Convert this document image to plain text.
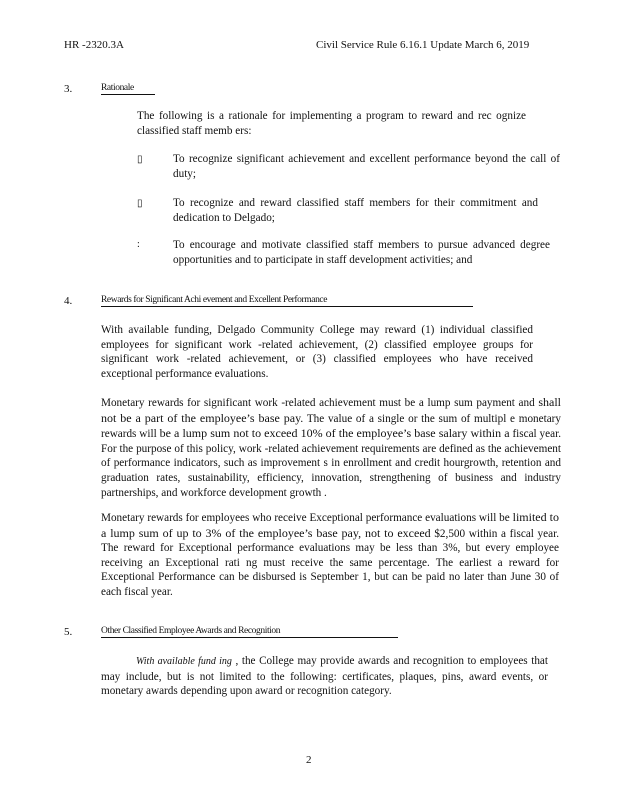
HR -2320.3A	Civil Service Rule 6.16.1 Update March 6, 2019
3.	Rationale
The following is a rationale for implementing a program to reward and rec ognize classified staff memb ers:
▯	To recognize significant achievement and excellent performance beyond the call of duty;
▯	To recognize and reward classified staff members for their commitment and dedication to Delgado;
:	To encourage and motivate classified staff members to pursue advanced degree opportunities and to participate in staff development activities; and
4.	Rewards for Significant Achi evement and Excellent Performance
With available funding, Delgado Community College may reward (1) individual classified employees for significant work -related achievement, (2) classified employee groups for significant work -related achievement, or (3) classified employees who have received exceptional performance evaluations.
Monetary rewards for significant work -related achievement must be a lump sum payment and shall not be a part of the employee’s base pay. The value of a single or the sum of multipl e monetary rewards will be a lump sum not to exceed 10% of the employee’s base salary within a fiscal year. For the purpose of this policy, work -related achievement requirements are defined as the achievement of performance indicators, such as improvement s in enrollment and credit hourgrowth, retention and graduation rates, sustainability, efficiency, innovation, strengthening of business and industry partnerships, and workforce development growth .
Monetary rewards for employees who receive Exceptional performance evaluations will be limited to a lump sum of up to 3% of the employee’s base pay, not to exceed $2,500 within a fiscal year. The reward for Exceptional performance evaluations may be less than 3%, but every employee receiving an Exceptional rati ng must receive the same percentage. The earliest a reward for Exceptional Performance can be disbursed is September 1, but can be paid no later than June 30 of each fiscal year.
5.	Other Classified Employee Awards and Recognition
With available fund ing , the College may provide awards and recognition to employees that may include, but is not limited to the following: certificates, plaques, pins, award events, or monetary awards depending upon award or recognition category.
2
